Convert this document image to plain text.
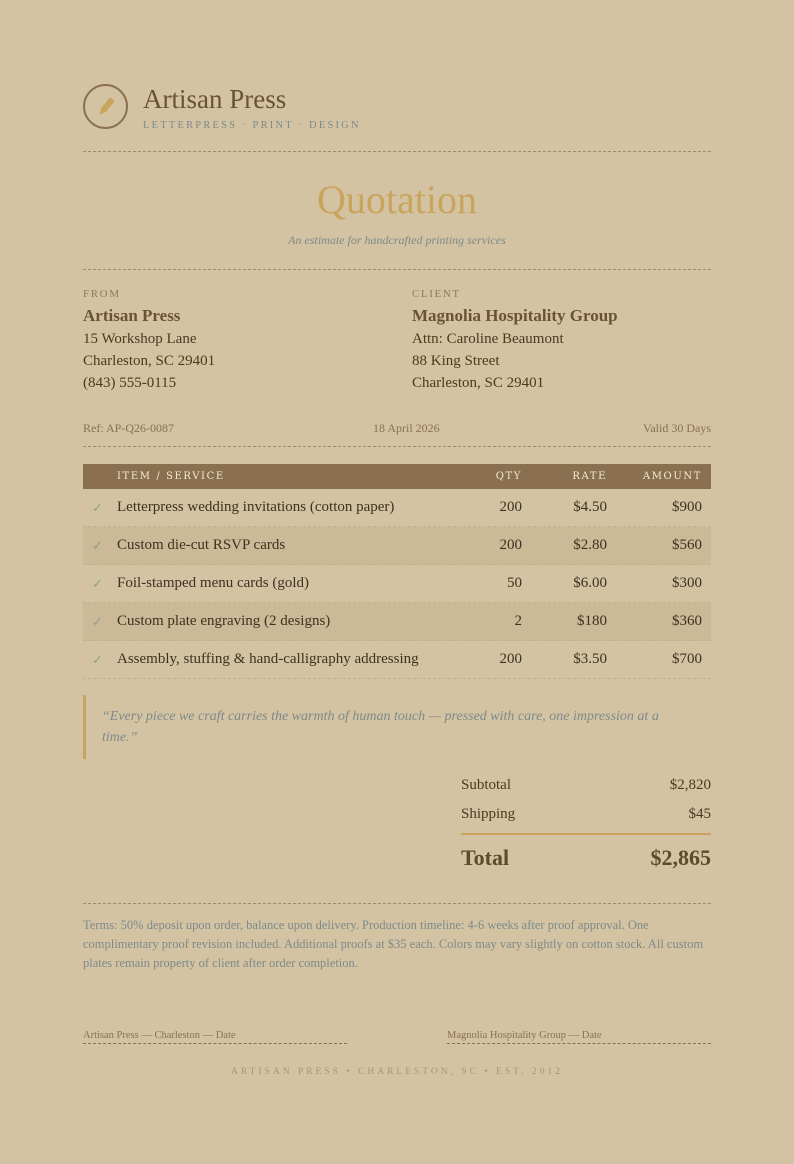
Artisan Press
LETTERPRESS · PRINT · DESIGN
Quotation
An estimate for handcrafted printing services
FROM
Artisan Press
15 Workshop Lane
Charleston, SC 29401
(843) 555-0115
CLIENT
Magnolia Hospitality Group
Attn: Caroline Beaumont
88 King Street
Charleston, SC 29401
Ref: AP-Q26-0087	18 April 2026	Valid 30 Days
ITEM / SERVICE	QTY	RATE	AMOUNT
✓ Letterpress wedding invitations (cotton paper)	200	$4.50	$900
✓ Custom die-cut RSVP cards	200	$2.80	$560
✓ Foil-stamped menu cards (gold)	50	$6.00	$300
✓ Custom plate engraving (2 designs)	2	$180	$360
✓ Assembly, stuffing & hand-calligraphy addressing	200	$3.50	$700
“Every piece we craft carries the warmth of human touch — pressed with care, one impression at a time.”
Subtotal	$2,820
Shipping	$45
Total	$2,865
Terms: 50% deposit upon order, balance upon delivery. Production timeline: 4-6 weeks after proof approval. One complimentary proof revision included. Additional proofs at $35 each. Colors may vary slightly on cotton stock. All custom plates remain property of client after order completion.
Artisan Press — Charleston — Date	Magnolia Hospitality Group — Date
ARTISAN PRESS • CHARLESTON, SC • EST. 2012
